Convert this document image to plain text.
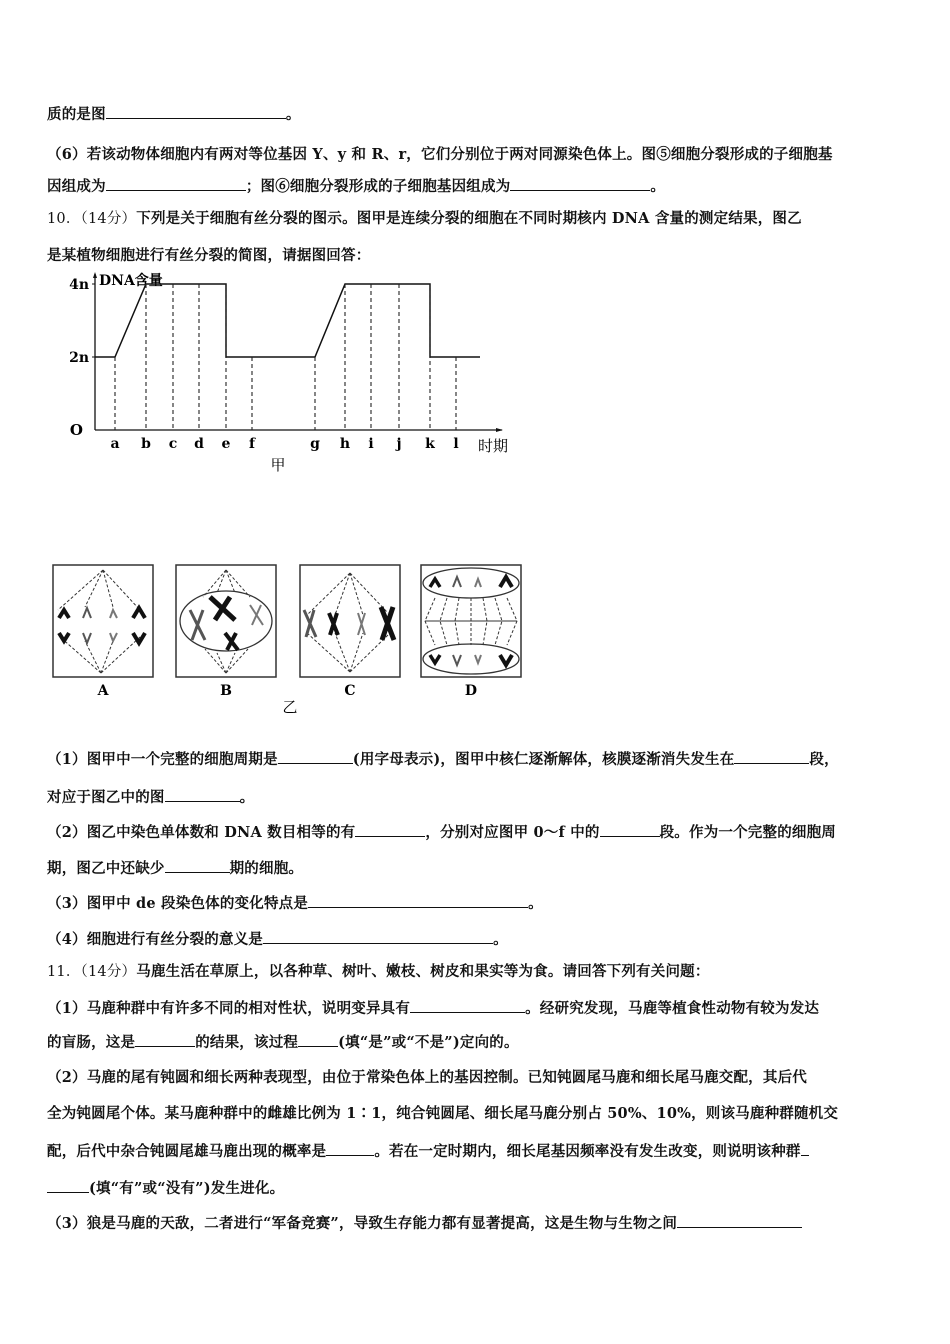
质的是图	。
（6）若该动物体细胞内有两对等位基因 Y、y 和 R、r，它们分别位于两对同源染色体上。图⑤细胞分裂形成的子细胞基
因组成为	；图⑥细胞分裂形成的子细胞基因组成为	。
10．（14分）下列是关于细胞有丝分裂的图示。图甲是连续分裂的细胞在不同时期核内 DNA 含量的测定结果，图乙
是某植物细胞进行有丝分裂的简图，请据图回答：
（1）图甲中一个完整的细胞周期是	(用字母表示)，图甲中核仁逐渐解体，核膜逐渐消失发生在	段，
对应于图乙中的图	。
（2）图乙中染色单体数和 DNA 数目相等的有	，分别对应图甲 0～f 中的	段。作为一个完整的细胞周
期，图乙中还缺少	期的细胞。
（3）图甲中 de 段染色体的变化特点是	。
（4）细胞进行有丝分裂的意义是	。
11．（14分）马鹿生活在草原上，以各种草、树叶、嫩枝、树皮和果实等为食。请回答下列有关问题：
（1）马鹿种群中有许多不同的相对性状，说明变异具有	。经研究发现，马鹿等植食性动物有较为发达
的盲肠，这是	的结果，该过程	(填“是”或“不是”)定向的。
（2）马鹿的尾有钝圆和细长两种表现型，由位于常染色体上的基因控制。已知钝圆尾马鹿和细长尾马鹿交配，其后代
全为钝圆尾个体。某马鹿种群中的雌雄比例为 1∶1，纯合钝圆尾、细长尾马鹿分别占 50%、10%，则该马鹿种群随机交
配，后代中杂合钝圆尾雄马鹿出现的概率是	。若在一定时期内，细长尾基因频率没有发生改变，则说明该种群
(填“有”或“没有”)发生进化。
（3）狼是马鹿的天敌，二者进行“军备竞赛”，导致生存能力都有显著提高，这是生物与生物之间
2n
4n
O
DNA含量
a b c d e f	g h i j k l 时期
甲
A	B	C	D
乙
